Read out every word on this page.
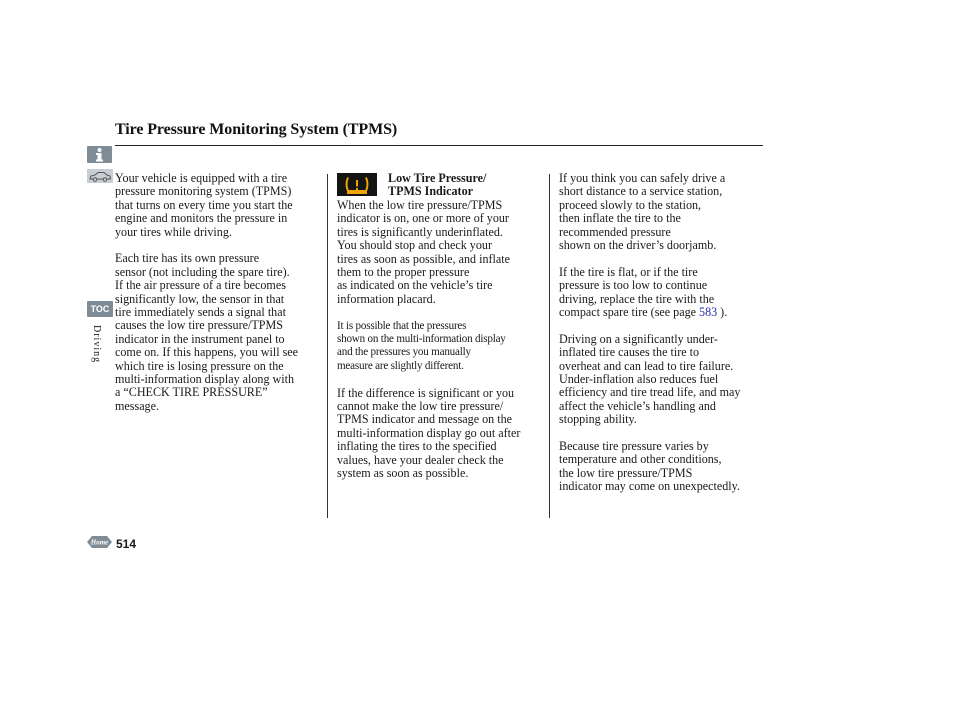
Tire Pressure Monitoring System (TPMS)
TOC
Driving
Home 514

Your vehicle is equipped with a tire
pressure monitoring system (TPMS)
that turns on every time you start the
engine and monitors the pressure in
your tires while driving.

Each tire has its own pressure
sensor (not including the spare tire).
If the air pressure of a tire becomes
significantly low, the sensor in that
tire immediately sends a signal that
causes the low tire pressure/TPMS
indicator in the instrument panel to
come on. If this happens, you will see
which tire is losing pressure on the
multi-information display along with
a “CHECK TIRE PRESSURE”
message.

Low Tire Pressure/
TPMS Indicator

When the low tire pressure/TPMS
indicator is on, one or more of your
tires is significantly underinflated.
You should stop and check your
tires as soon as possible, and inflate
them to the proper pressure
as indicated on the vehicle’s tire
information placard.

It is possible that the pressures
shown on the multi-information display
and the pressures you manually
measure are slightly different.

If the difference is significant or you
cannot make the low tire pressure/
TPMS indicator and message on the
multi-information display go out after
inflating the tires to the specified
values, have your dealer check the
system as soon as possible.

If you think you can safely drive a
short distance to a service station,
proceed slowly to the station,
then inflate the tire to the
recommended pressure
shown on the driver’s doorjamb.

If the tire is flat, or if the tire
pressure is too low to continue
driving, replace the tire with the
compact spare tire (see page 583 ).

Driving on a significantly under-
inflated tire causes the tire to
overheat and can lead to tire failure.
Under-inflation also reduces fuel
efficiency and tire tread life, and may
affect the vehicle’s handling and
stopping ability.

Because tire pressure varies by
temperature and other conditions,
the low tire pressure/TPMS
indicator may come on unexpectedly.
